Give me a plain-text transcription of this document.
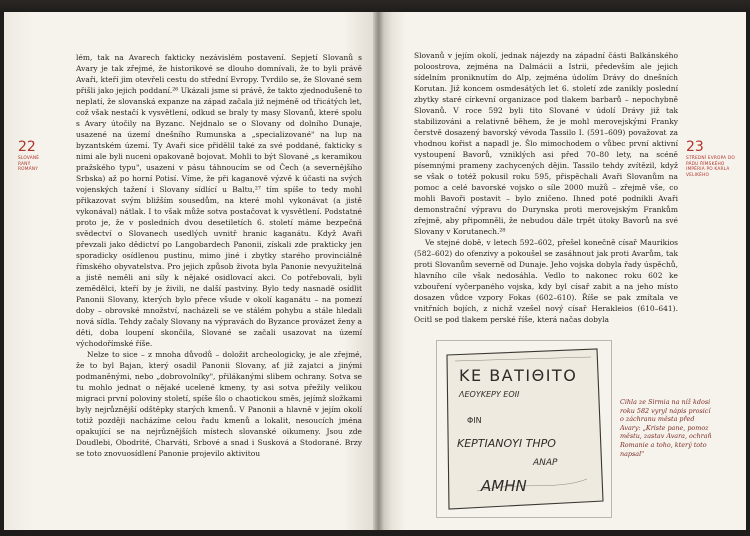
22
SLOVANÉ RANÝ ROMÁNY

lém, tak na Avarech fakticky nezávislém postavení. Sepjetí Slovanů s Avary je tak zřejmé, že historikové se dlouho domnívali, že to byli právě Avaři, kteří jim otevřeli cestu do střední Evropy. Tvrdilo se, že Slované sem přišli jako jejich poddaní.²⁶ Ukázali jsme si právě, že takto zjednodušeně to neplatí, že slovanská expanze na západ začala již nejméně od třicátých let, což však nestačí k vysvětlení, odkud se braly ty masy Slovanů, které spolu s Avary útočily na Byzanc. Nejdnalo se o Slovany od dolního Dunaje, usazené na území dnešního Rumunska a „specializované" na lup na byzantském území. Ty Avaři sice přidělil také za své poddané, fakticky s nimi ale byli nuceni opakovaně bojovat. Mohli to být Slované „s keramikou pražského typu", usazeni v pásu táhnoucím se od Čech (a severnějšího Srbska) až po horní Potisí. Víme, že při kaganově výzvě k účasti na svých vojenských tažení i Slovany sídlící u Baltu,²⁷ tím spíše to tedy mohl přikazovat svým bližším sousedům, na které mohl vykonávat (a jistě vykonával) nátlak. I to však může sotva postačovat k vysvětlení. Podstatné proto je, že v posledních dvou desetiletích 6. století máme bezpečná svědectví o Slovanech usedlých uvnitř hranic kaganátu. Když Avaři převzali jako dědictví po Langobardech Panonii, získali zde prakticky jen sporadicky osídlenou pustinu, mimo jiné i zbytky starého provinciálně římského obyvatelstva. Pro jejich způsob života byla Panonie nevyužitelná a jistě neměli ani síly k nějaké osidlovací akci. Co potřebovali, byli zemědělci, kteří by je živili, ne další pastviny. Bylo tedy nasnadě osídlit Panonii Slovany, kterých bylo přece všude v okolí kaganátu – na pomezí doby – obrovské množství, nacházeli se ve stálém pohybu a stále hledali nová sídla. Tehdy začaly Slovany na výpravách do Byzance provázet ženy a děti, doba loupení skončila, Slované se začali usazovat na území východořímské říše.

Nelze to sice – z mnoha důvodů – doložit archeologicky, je ale zřejmé, že to byl Bajan, který osadil Panonii Slovany, ať již zajatci a jinými podmaněnými, nebo „dobrovolníky", přilákanými slibem ochrany. Sotva se tu mohlo jednat o nějaké ucelené kmeny, ty asi sotva přežily velikou migraci první poloviny století, spíše šlo o chaotickou směs, jejímž složkami byly nejrůznější odštěpky starých kmenů. V Panonii a hlavně v jejím okolí totiž později nacházíme celou řadu kmenů a lokalit, nesoucích jména opakující se na nejrůznějších místech slovanské oikumeny. Jsou zde Doudlebi, Obodrité, Charváti, Srbové a snad i Susková a Stodorané. Brzy se toto znovuosídlení Panonie projevilo aktivitou

Slovanů v jejím okolí, jednak nájezdy na západní části Balkánského poloostrova, zejména na Dalmácii a Istrii, především ale jejich sídelním proniknutím do Alp, zejména údolím Drávy do dnešních Korutan. Již koncem osmdesátých let 6. století zde zanikly poslední zbytky staré církevní organizace pod tlakem barbarů – nepochybně Slovanů. V roce 592 byli tito Slované v údolí Drávy již tak stabilizováni a relativně během, že je mohl merovejskými Franky čerstvě dosazený bavorský vévoda Tassilo I. (591–609) považovat za vhodnou kořist a napadl je. Šlo mimochodem o vůbec první aktivní vystoupení Bavorů, vzniklých asi před 70–80 lety, na scéně písemnými prameny zachycených dějin. Tassilo tehdy zvítězil, když se však o totéž pokusil roku 595, přispěchali Avaři Slovanům na pomoc a celé bavorské vojsko o síle 2000 mužů – zřejmě vše, co mohli Bavoři postavit – bylo zničeno. Ihned poté podnikli Avaři demonstrační výpravu do Durynska proti merovejským Frankům zřejmě, aby připomněli, že nebudou dále trpět útoky Bavorů na své Slovany v Korutanech.²⁸

Ve stejné době, v letech 592–602, přešel konečně císař Maurikios (582–602) do ofenzivy a pokoušel se zasáhnout jak proti Avarům, tak proti Slovanům severně od Dunaje. Jeho vojska dobyla řady úspěchů, hlavního cíle však nedosáhla. Vedlo to nakonec roku 602 ke vzbouření vyčerpaného vojska, kdy byl císař zabit a na jeho místo dosazen vůdce vzpory Fokas (602–610). Říše se pak zmítala ve vnitřních bojích, z nichž vzešel nový císař Herakleios (610–641). Ocitl se pod tlakem perské říše, která načas dobyla

23
STŘEDNÍ EVROPA DO PÁDU ŘÍMSKÉHO IMPÉRIA PO KARLA VELIKÉHO
ΚΕ ΒΑΤΙΘΙΤΟ
ΛΕΟΥΚΕΡΥ ΕΟΙΙ
ΦΙΝ
ΚΕΡΤΙΑΝΟΥΙ ΤΗΡΟ
ΑΝΑΡ
ΑΜΗΝ
Cihla ze Sirmia na níž kdosi roku 582 vyryl nápis prosicí o záchranu města před Avary: „Kriste pane, pomoz městu, zastav Avara, ochraň Romanie a toho, který toto napsal"
